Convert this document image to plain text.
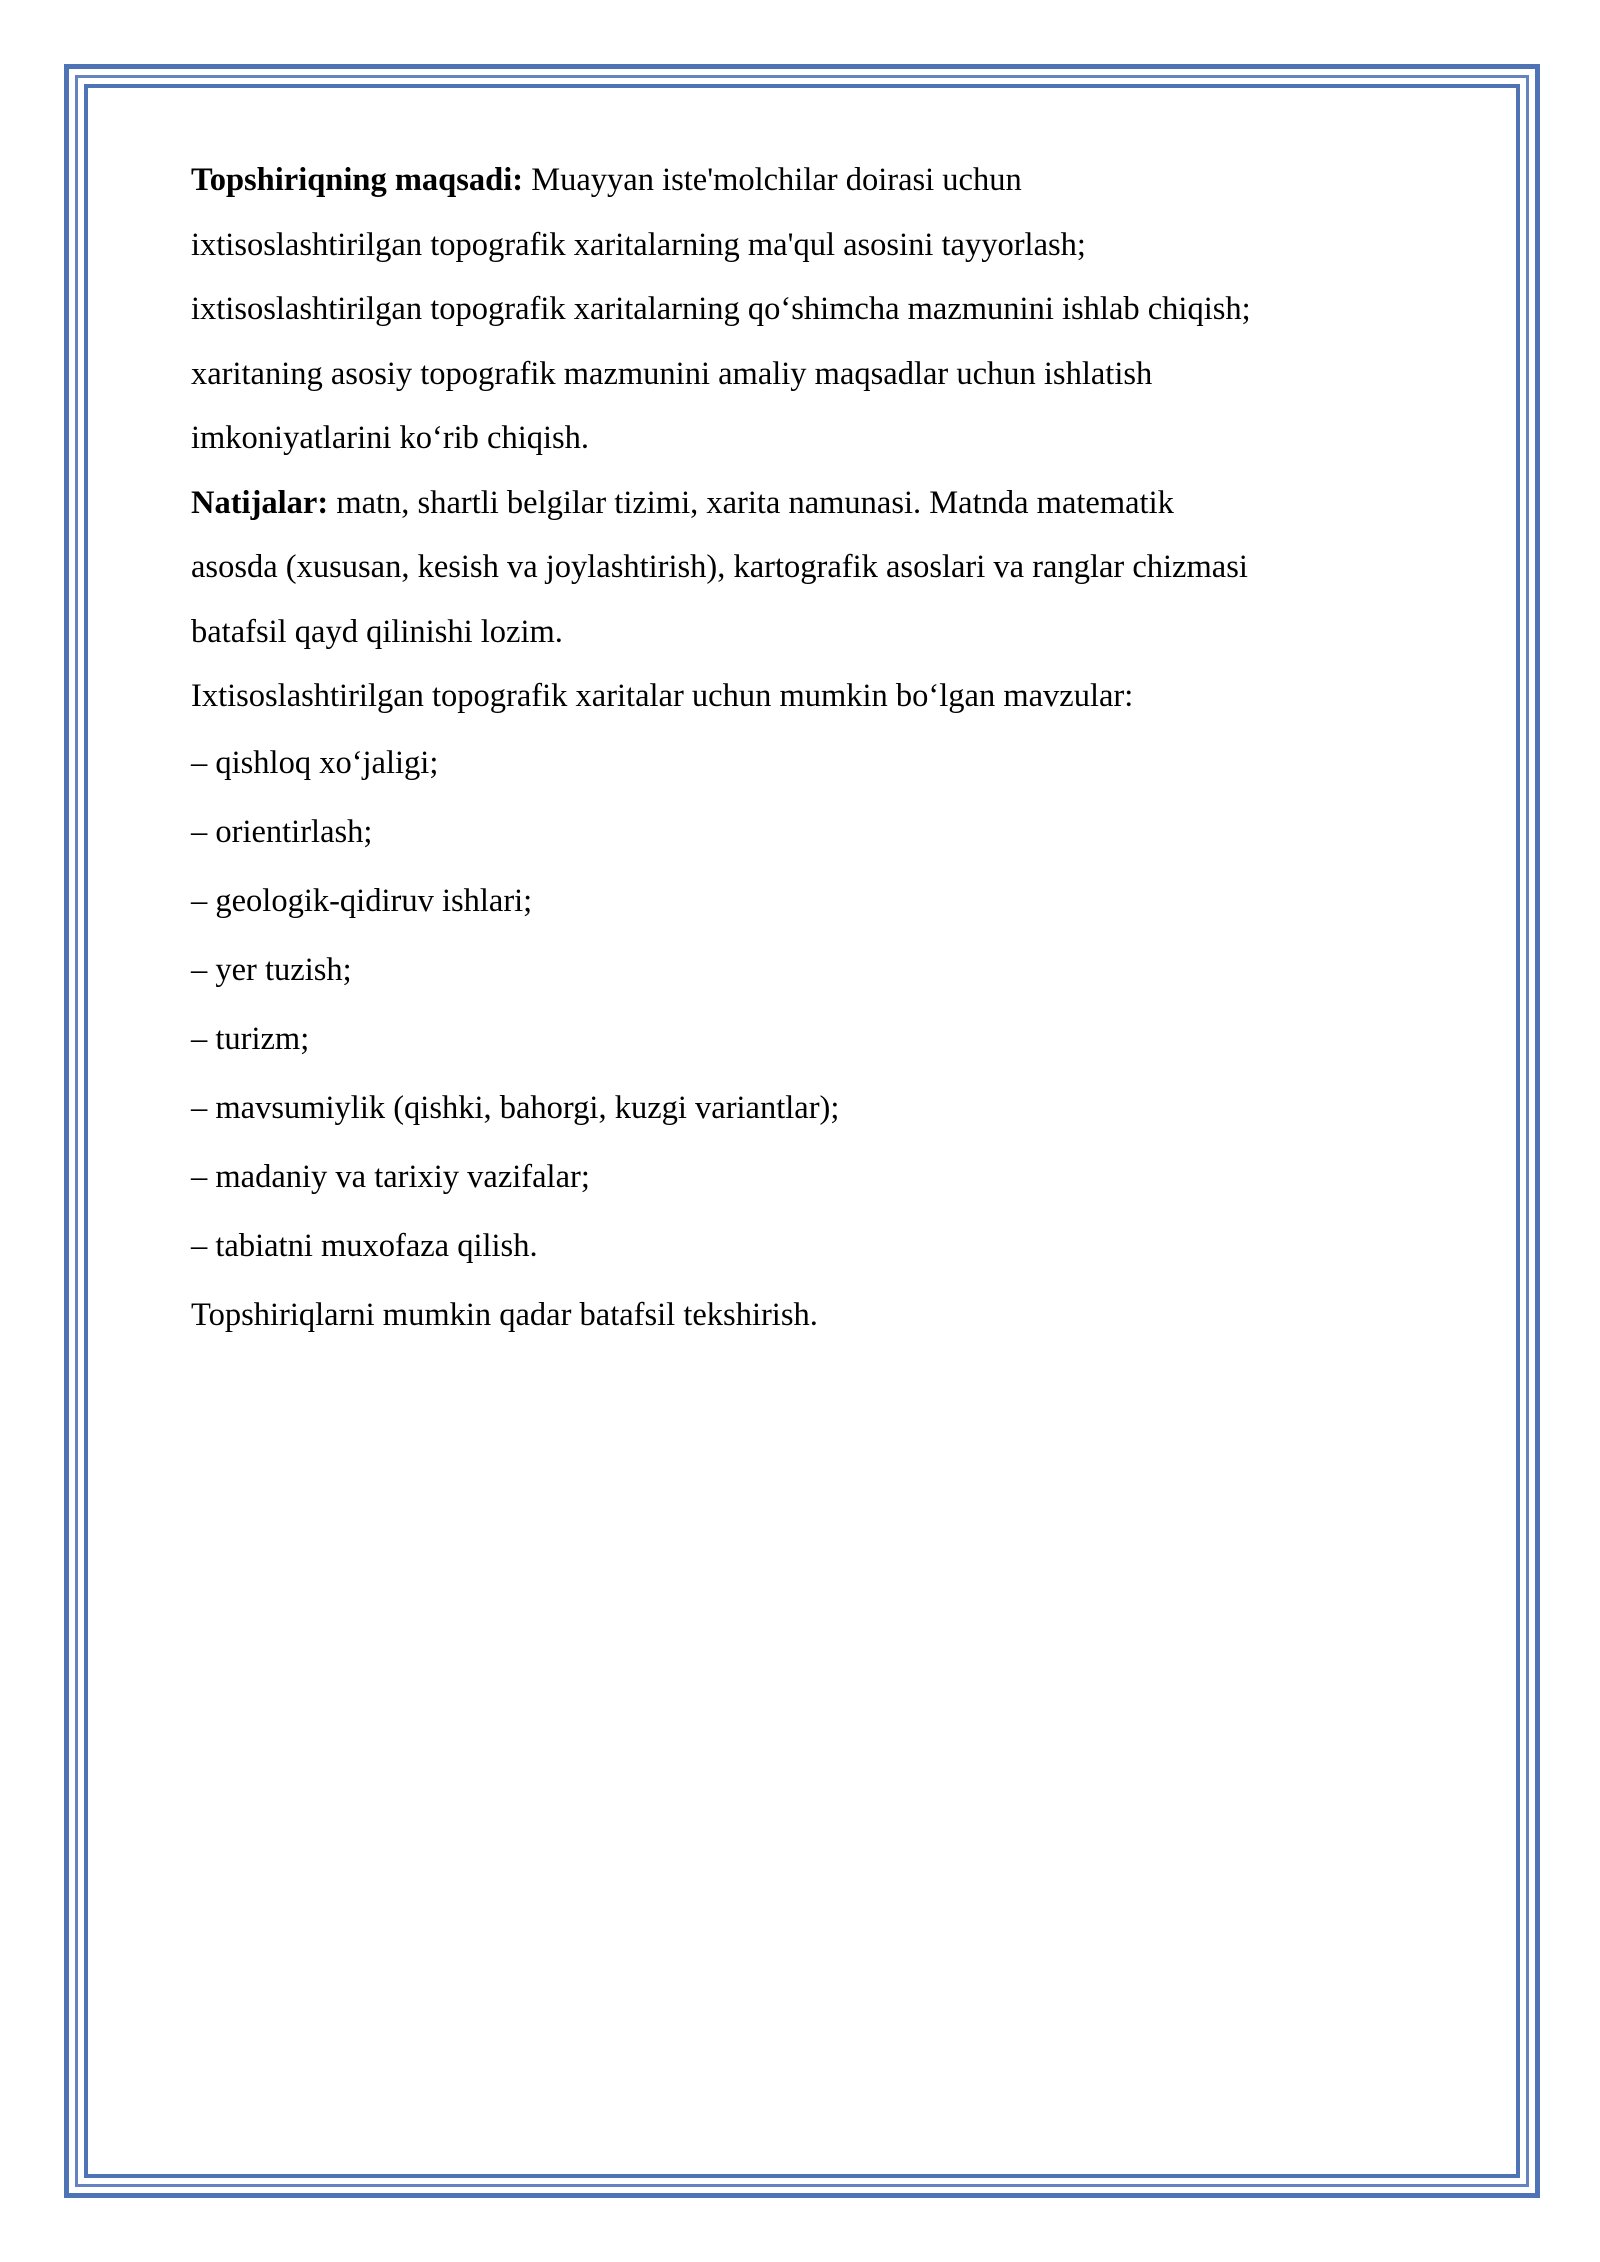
Topshiriqning maqsadi: Muayyan iste'molchilar doirasi uchun

ixtisoslashtirilgan topografik xaritalarning ma'qul asosini tayyorlash;

ixtisoslashtirilgan topografik xaritalarning qo‘shimcha mazmunini ishlab chiqish;

xaritaning asosiy topografik mazmunini amaliy maqsadlar uchun ishlatish

imkoniyatlarini ko‘rib chiqish.

Natijalar: matn, shartli belgilar tizimi, xarita namunasi. Matnda matematik

asosda (xususan, kesish va joylashtirish), kartografik asoslari va ranglar chizmasi

batafsil qayd qilinishi lozim.

Ixtisoslashtirilgan topografik xaritalar uchun mumkin bo‘lgan mavzular:

– qishloq xo‘jaligi;
– orientirlash;
– geologik-qidiruv ishlari;
– yer tuzish;
– turizm;
– mavsumiylik (qishki, bahorgi, kuzgi variantlar);
– madaniy va tarixiy vazifalar;
– tabiatni muxofaza qilish.

Topshiriqlarni mumkin qadar batafsil tekshirish.
